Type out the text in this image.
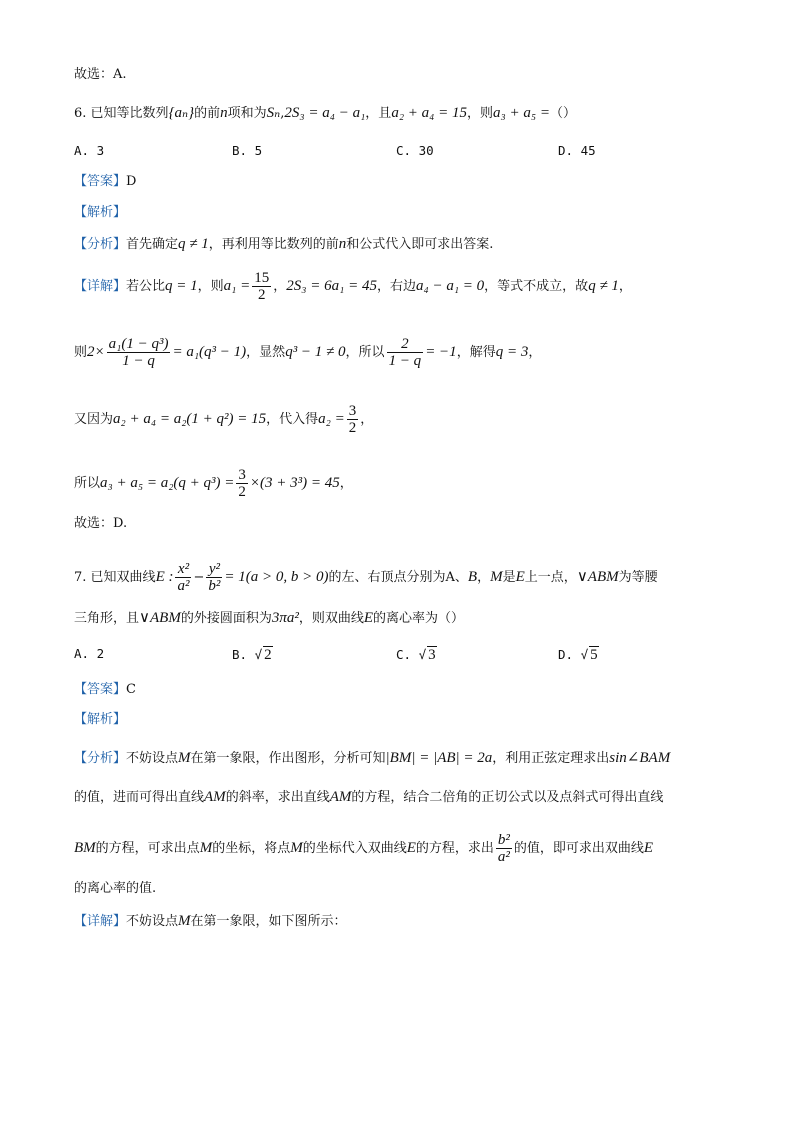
故选：A.
6. 已知等比数列{aₙ}的前n项和为Sₙ,2S₃ = a₄ − a₁，且a₂ + a₄ = 15，则a₃ + a₅ =（）
A. 3	B. 5	C. 30	D. 45
【答案】D
【解析】
【分析】首先确定q ≠ 1，再利用等比数列的前n和公式代入即可求出答案.
【详解】若公比q = 1，则$a_1 = \frac{15}{2}$ ，2S₃ = 6a₁ = 45，右边a₄ − a₁ = 0，等式不成立，故q ≠ 1，
则$2\times \frac{\text{a₁(1 − q³)}}{1 - q} = a_1(q^3 - 1)$，显然q³ − 1 ≠ 0，所以 $\frac{2}{1 - q} = -1$，解得q = 3，
又因为a₂ + a₄ = a₂(1 + q²) = 15，代入得$a_2 = \frac{3}{2}$ ，
所以$a_3 + a_5 = a_2(q + q^3) = \frac{3}{2} \times(3 + 3^3) = 45$，
故选：D.
7. 已知双曲线E : $\frac{\text{x²}}{\text{a²}} - \frac{\text{y²}}{\text{b²}} = 1(a > 0$, b > 0)的左、右顶点分别为A、B，M是E上一点，∨ABM为等腰
三角形，且∨ABM的外接圆面积为3πa²，则双曲线E的离心率为（）
A. 2	B. √ 2	C. √ 3	D. √ 5
【答案】C
【解析】
【分析】不妨设点M在第一象限，作出图形，分析可知|BM| = |AB| = 2a，利用正弦定理求出sin∠BAM
的值，进而可得出直线AM的斜率，求出直线AM的方程，结合二倍角的正切公式以及点斜式可得出直线
BM的方程，可求出点M的坐标，将点M的坐标代入双曲线E的方程，求出 $\frac{\text{b²}}{\text{a²}}$ 的值，即可求出双曲线E
的离心率的值.
【详解】不妨设点M在第一象限，如下图所示：
